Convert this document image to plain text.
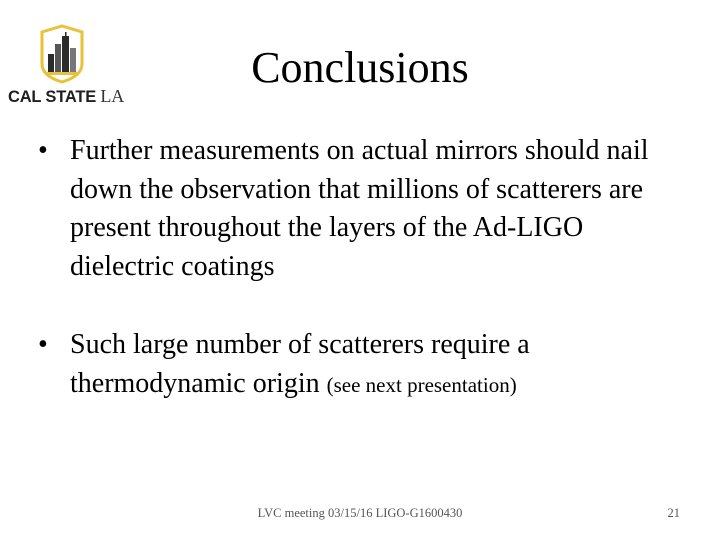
CAL STATE LA
Conclusions
• Further measurements on actual mirrors should nail down the observation that millions of scatterers are present throughout the layers of the Ad-LIGO dielectric coatings
• Such large number of scatterers require a thermodynamic origin (see next presentation)
LVC meeting 03/15/16 LIGO-G1600430	21
